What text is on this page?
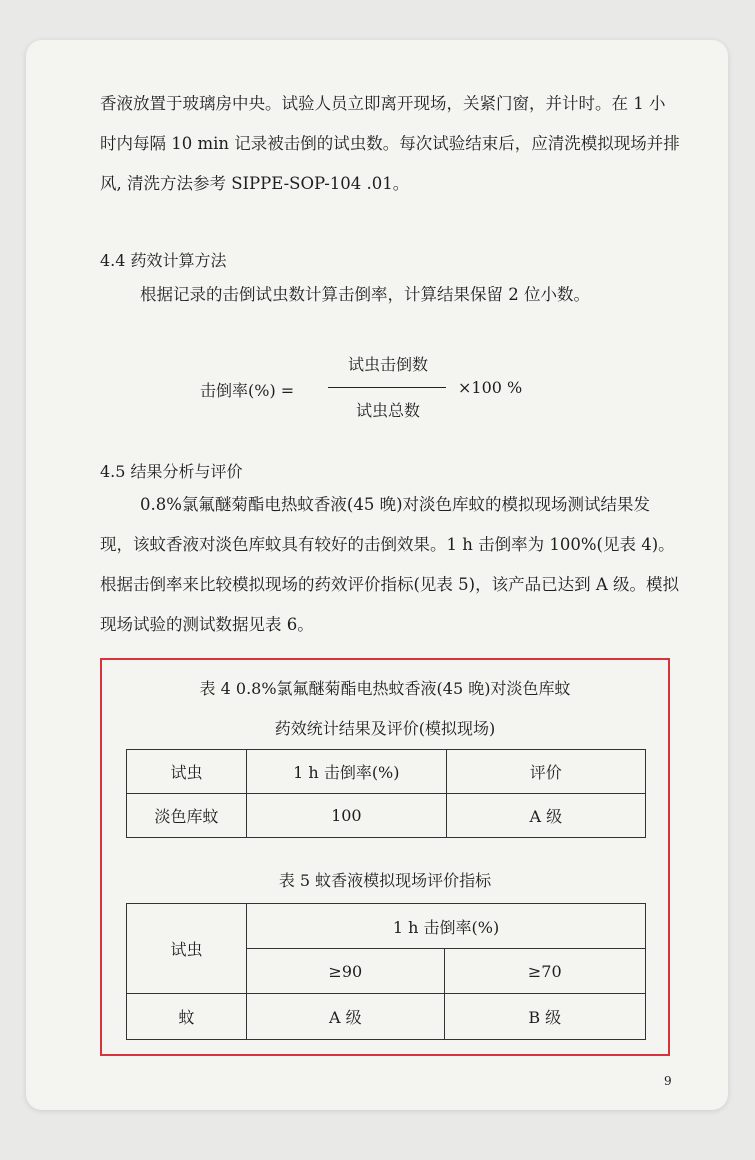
香液放置于玻璃房中央。试验人员立即离开现场，关紧门窗，并计时。在 1 小时内每隔 10 min 记录被击倒的试虫数。每次试验结束后，应清洗模拟现场并排风, 清洗方法参考 SIPPE-SOP-104 .01。

4.4 药效计算方法

根据记录的击倒试虫数计算击倒率，计算结果保留 2 位小数。

击倒率(%) =
试虫击倒数
试虫总数
×100 %

4.5 结果分析与评价

0.8%氯氟醚菊酯电热蚊香液(45 晚)对淡色库蚊的模拟现场测试结果发现，该蚊香液对淡色库蚊具有较好的击倒效果。1 h 击倒率为 100%(见表 4)。根据击倒率来比较模拟现场的药效评价指标(见表 5)，该产品已达到 A 级。模拟现场试验的测试数据见表 6。

表 4 0.8%氯氟醚菊酯电热蚊香液(45 晚)对淡色库蚊

药效统计结果及评价(模拟现场)

试虫	1 h 击倒率(%)	评价
淡色库蚊	100	A 级

表 5 蚊香液模拟现场评价指标

试虫	1 h 击倒率(%)	
	≥90	≥70
蚊	A 级	B 级
9
